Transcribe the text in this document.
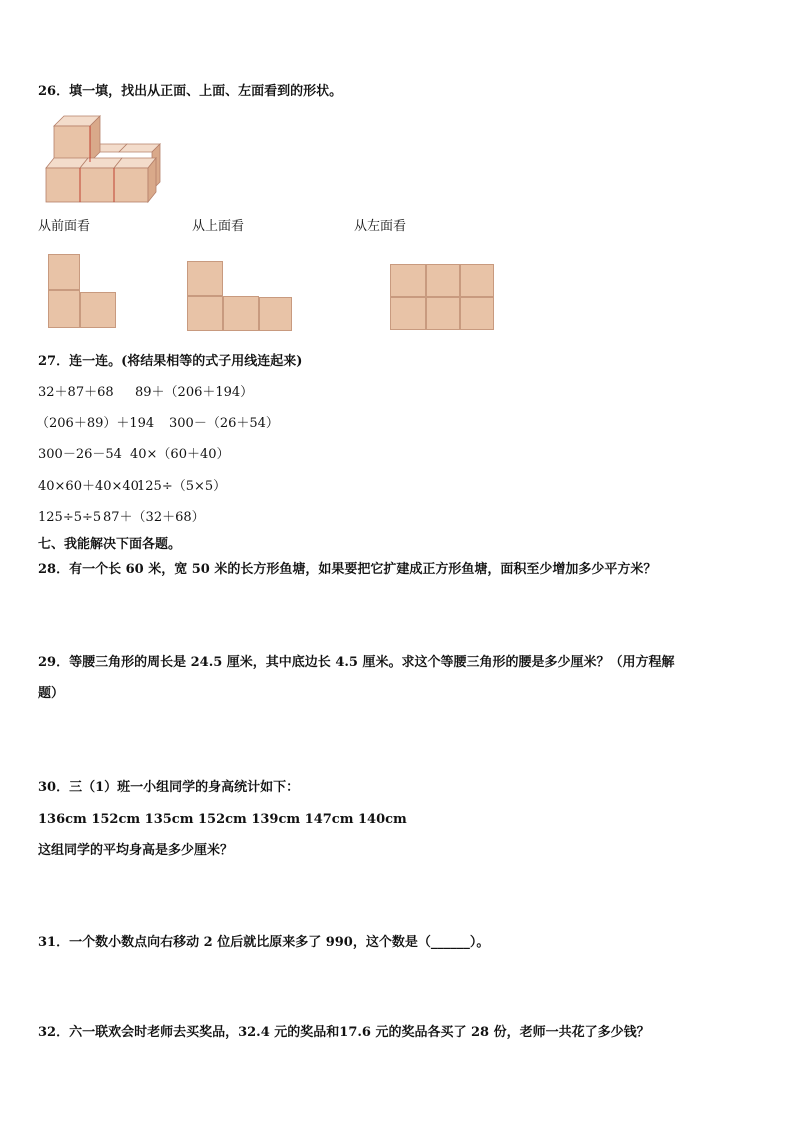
26．填一填，找出从正面、上面、左面看到的形状。
从前面看	从上面看	从左面看
27．连一连。(将结果相等的式子用线连起来)
32＋87＋68 89＋（206＋194）
（206＋89）＋194 300－（26＋54）
300－26－54 40×（60＋40）
40×60＋40×40
125÷（5×5）
125÷5÷5 87＋（32＋68）
七、我能解决下面各题。
28．有一个长 60 米，宽 50 米的长方形鱼塘，如果要把它扩建成正方形鱼塘，面积至少增加多少平方米？
29．等腰三角形的周长是 24.5 厘米，其中底边长 4.5 厘米。求这个等腰三角形的腰是多少厘米？（用方程解
题）
30．三（1）班一小组同学的身高统计如下：
136cm 152cm 135cm 152cm 139cm 147cm 140cm
这组同学的平均身高是多少厘米？
31．一个数小数点向右移动 2 位后就比原来多了 990，这个数是（______）。
32．六一联欢会时老师去买奖品，32.4 元的奖品和17.6 元的奖品各买了 28 份，老师一共花了多少钱？
